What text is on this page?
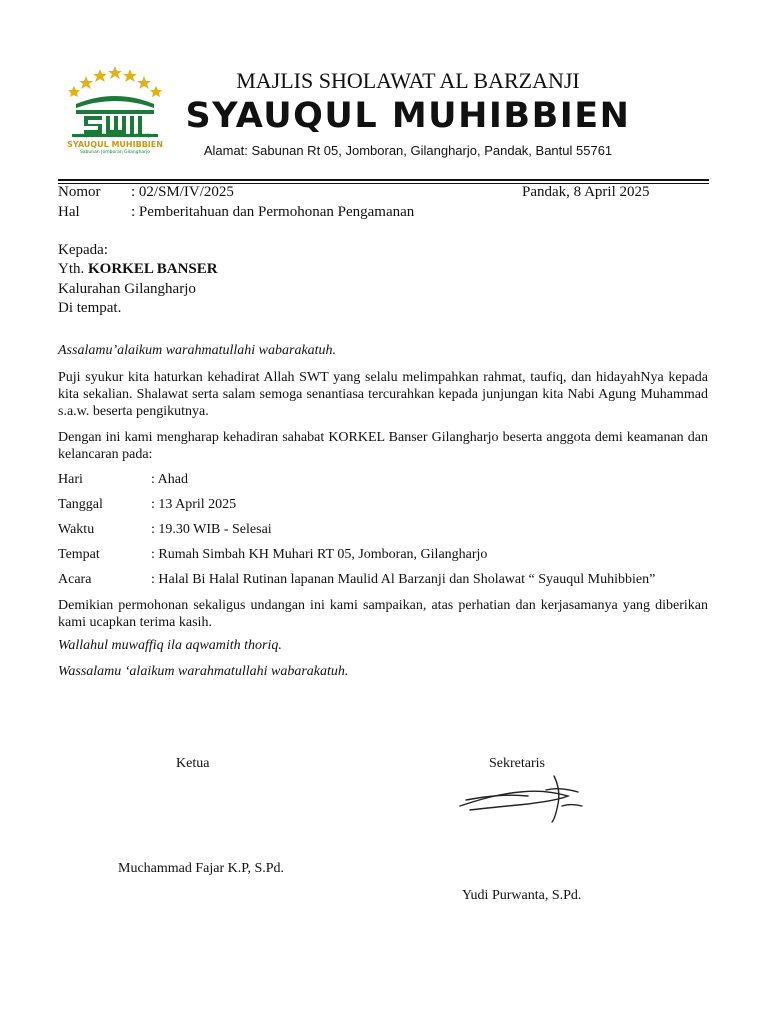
MAJLIS SHOLAWAT AL BARZANJI
SYAUQUL MUHIBBIEN
Sabunan Jomboran Gilangharjo
MAJLIS SHOLAWAT AL BARZANJI
SYAUQUL MUHIBBIEN
Alamat: Sabunan Rt 05, Jomboran, Gilangharjo, Pandak, Bantul 55761
Nomor : 02/SM/IV/2025	Pandak, 8 April 2025
Hal	: Pemberitahuan dan Permohonan Pengamanan
Kepada:
Yth. KORKEL BANSER
Kalurahan Gilangharjo
Di tempat.
Assalamu’alaikum warahmatullahi wabarakatuh.
Puji syukur kita haturkan kehadirat Allah SWT yang selalu melimpahkan rahmat, taufiq, dan hidayahNya kepada kita sekalian. Shalawat serta salam semoga senantiasa tercurahkan kepada junjungan kita Nabi Agung Muhammad s.a.w. beserta pengikutnya.
Dengan ini kami mengharap kehadiran sahabat KORKEL Banser Gilangharjo beserta anggota demi keamanan dan kelancaran pada:
Hari	: Ahad
Tanggal	: 13 April 2025
Waktu	: 19.30 WIB - Selesai
Tempat	: Rumah Simbah KH Muhari RT 05, Jomboran, Gilangharjo
Acara	: Halal Bi Halal Rutinan lapanan Maulid Al Barzanji dan Sholawat “ Syauqul Muhibbien”
Demikian permohonan sekaligus undangan ini kami sampaikan, atas perhatian dan kerjasamanya yang diberikan kami ucapkan terima kasih.
Wallahul muwaffiq ila aqwamith thoriq.
Wassalamu ‘alaikum warahmatullahi wabarakatuh.
Ketua	Sekretaris
Muchammad Fajar K.P, S.Pd.
Yudi Purwanta, S.Pd.
